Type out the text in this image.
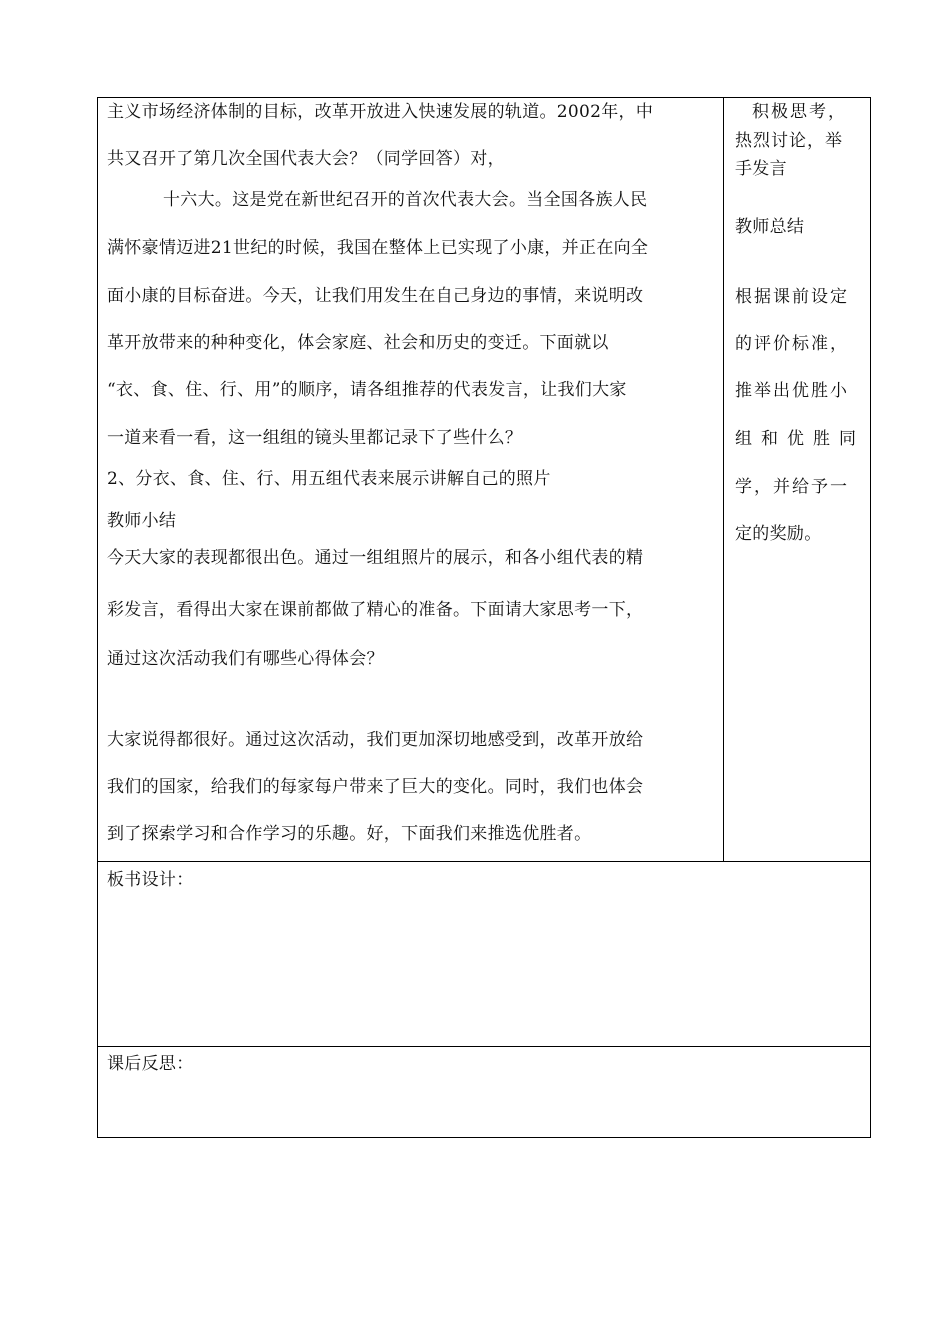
主义市场经济体制的目标，改革开放进入快速发展的轨道。2002年，中
共又召开了第几次全国代表大会？（同学回答）对，
十六大。这是党在新世纪召开的首次代表大会。当全国各族人民
满怀豪情迈进21世纪的时候，我国在整体上已实现了小康，并正在向全
面小康的目标奋进。今天，让我们用发生在自己身边的事情，来说明改
革开放带来的种种变化，体会家庭、社会和历史的变迁。下面就以
“衣、食、住、行、用”的顺序，请各组推荐的代表发言，让我们大家
一道来看一看，这一组组的镜头里都记录下了些什么？
2、分衣、食、住、行、用五组代表来展示讲解自己的照片
教师小结
今天大家的表现都很出色。通过一组组照片的展示，和各小组代表的精
彩发言，看得出大家在课前都做了精心的准备。下面请大家思考一下，
通过这次活动我们有哪些心得体会？
大家说得都很好。通过这次活动，我们更加深切地感受到，改革开放给
我们的国家，给我们的每家每户带来了巨大的变化。同时，我们也体会
到了探索学习和合作学习的乐趣。好，下面我们来推选优胜者。
积极思考，
热烈讨论，举
手发言
教师总结
根据课前设定
的评价标准，
推举出优胜小
组和优胜同
学，并给予一
定的奖励。
板书设计：
课后反思：
